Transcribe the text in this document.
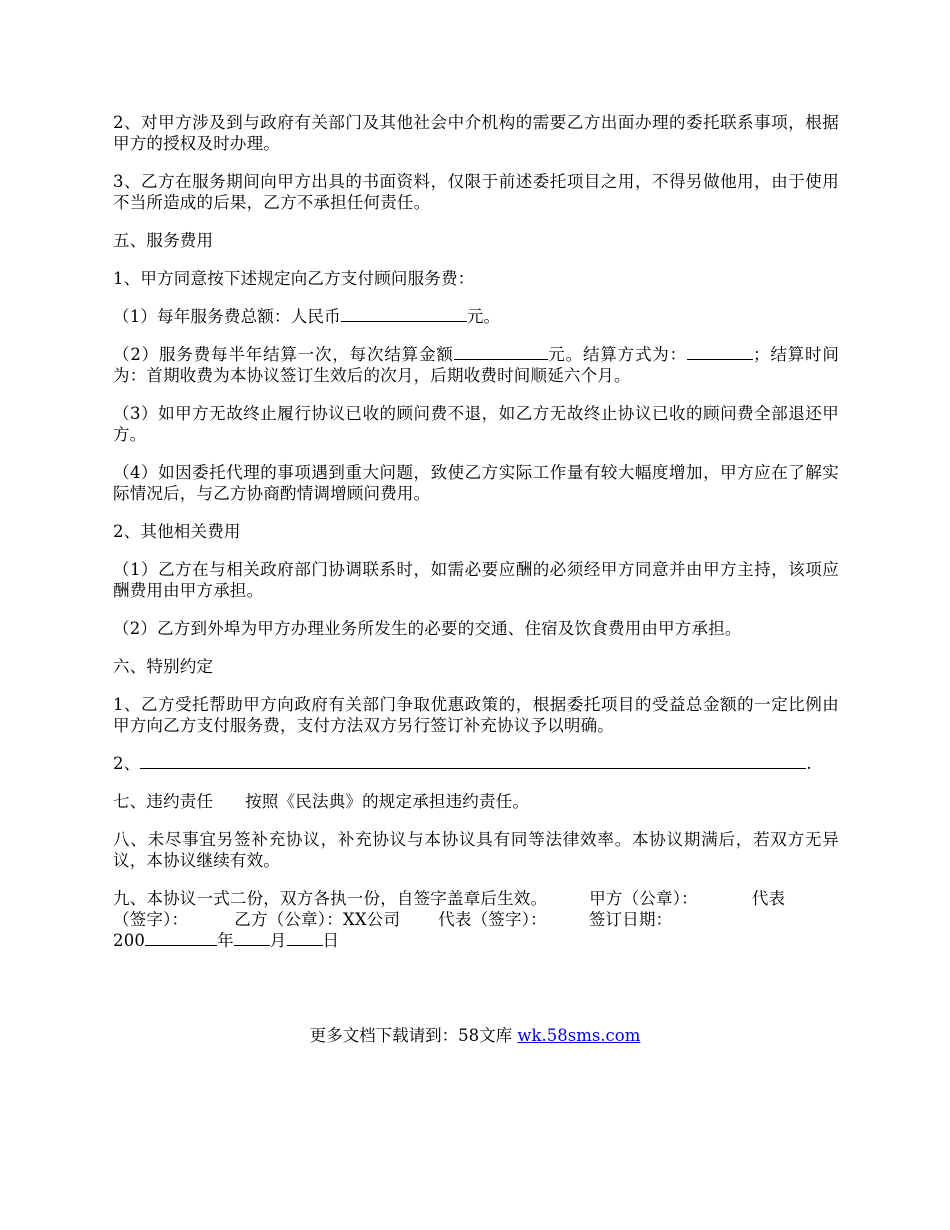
2、对甲方涉及到与政府有关部门及其他社会中介机构的需要乙方出面办理的委托联系事项，根据甲方的授权及时办理。

3、乙方在服务期间向甲方出具的书面资料，仅限于前述委托项目之用，不得另做他用，由于使用不当所造成的后果，乙方不承担任何责任。

五、服务费用

1、甲方同意按下述规定向乙方支付顾问服务费：

（1）每年服务费总额：人民币	元。

（2）服务费每半年结算一次，每次结算金额	元。结算方式为：	；结算时间为：首期收费为本协议签订生效后的次月，后期收费时间顺延六个月。

（3）如甲方无故终止履行协议已收的顾问费不退，如乙方无故终止协议已收的顾问费全部退还甲方。

（4）如因委托代理的事项遇到重大问题，致使乙方实际工作量有较大幅度增加，甲方应在了解实际情况后，与乙方协商酌情调增顾问费用。

2、其他相关费用

（1）乙方在与相关政府部门协调联系时，如需必要应酬的必须经甲方同意并由甲方主持，该项应酬费用由甲方承担。

（2）乙方到外埠为甲方办理业务所发生的必要的交通、住宿及饮食费用由甲方承担。

六、特别约定

1、乙方受托帮助甲方向政府有关部门争取优惠政策的，根据委托项目的受益总金额的一定比例由甲方向乙方支付服务费，支付方法双方另行签订补充协议予以明确。

2、	.

七、违约责任 按照《民法典》的规定承担违约责任。

八、未尽事宜另签补充协议，补充协议与本协议具有同等法律效率。本协议期满后，若双方无异议，本协议继续有效。

九、本协议一式二份，双方各执一份，自签字盖章后生效。	甲方（公章）：	代表
（签字）：	乙方（公章）：XX公司 代表（签字）：	签订日期：
200	年 月 日

更多文档下载请到：58文库 wk.58sms.com
